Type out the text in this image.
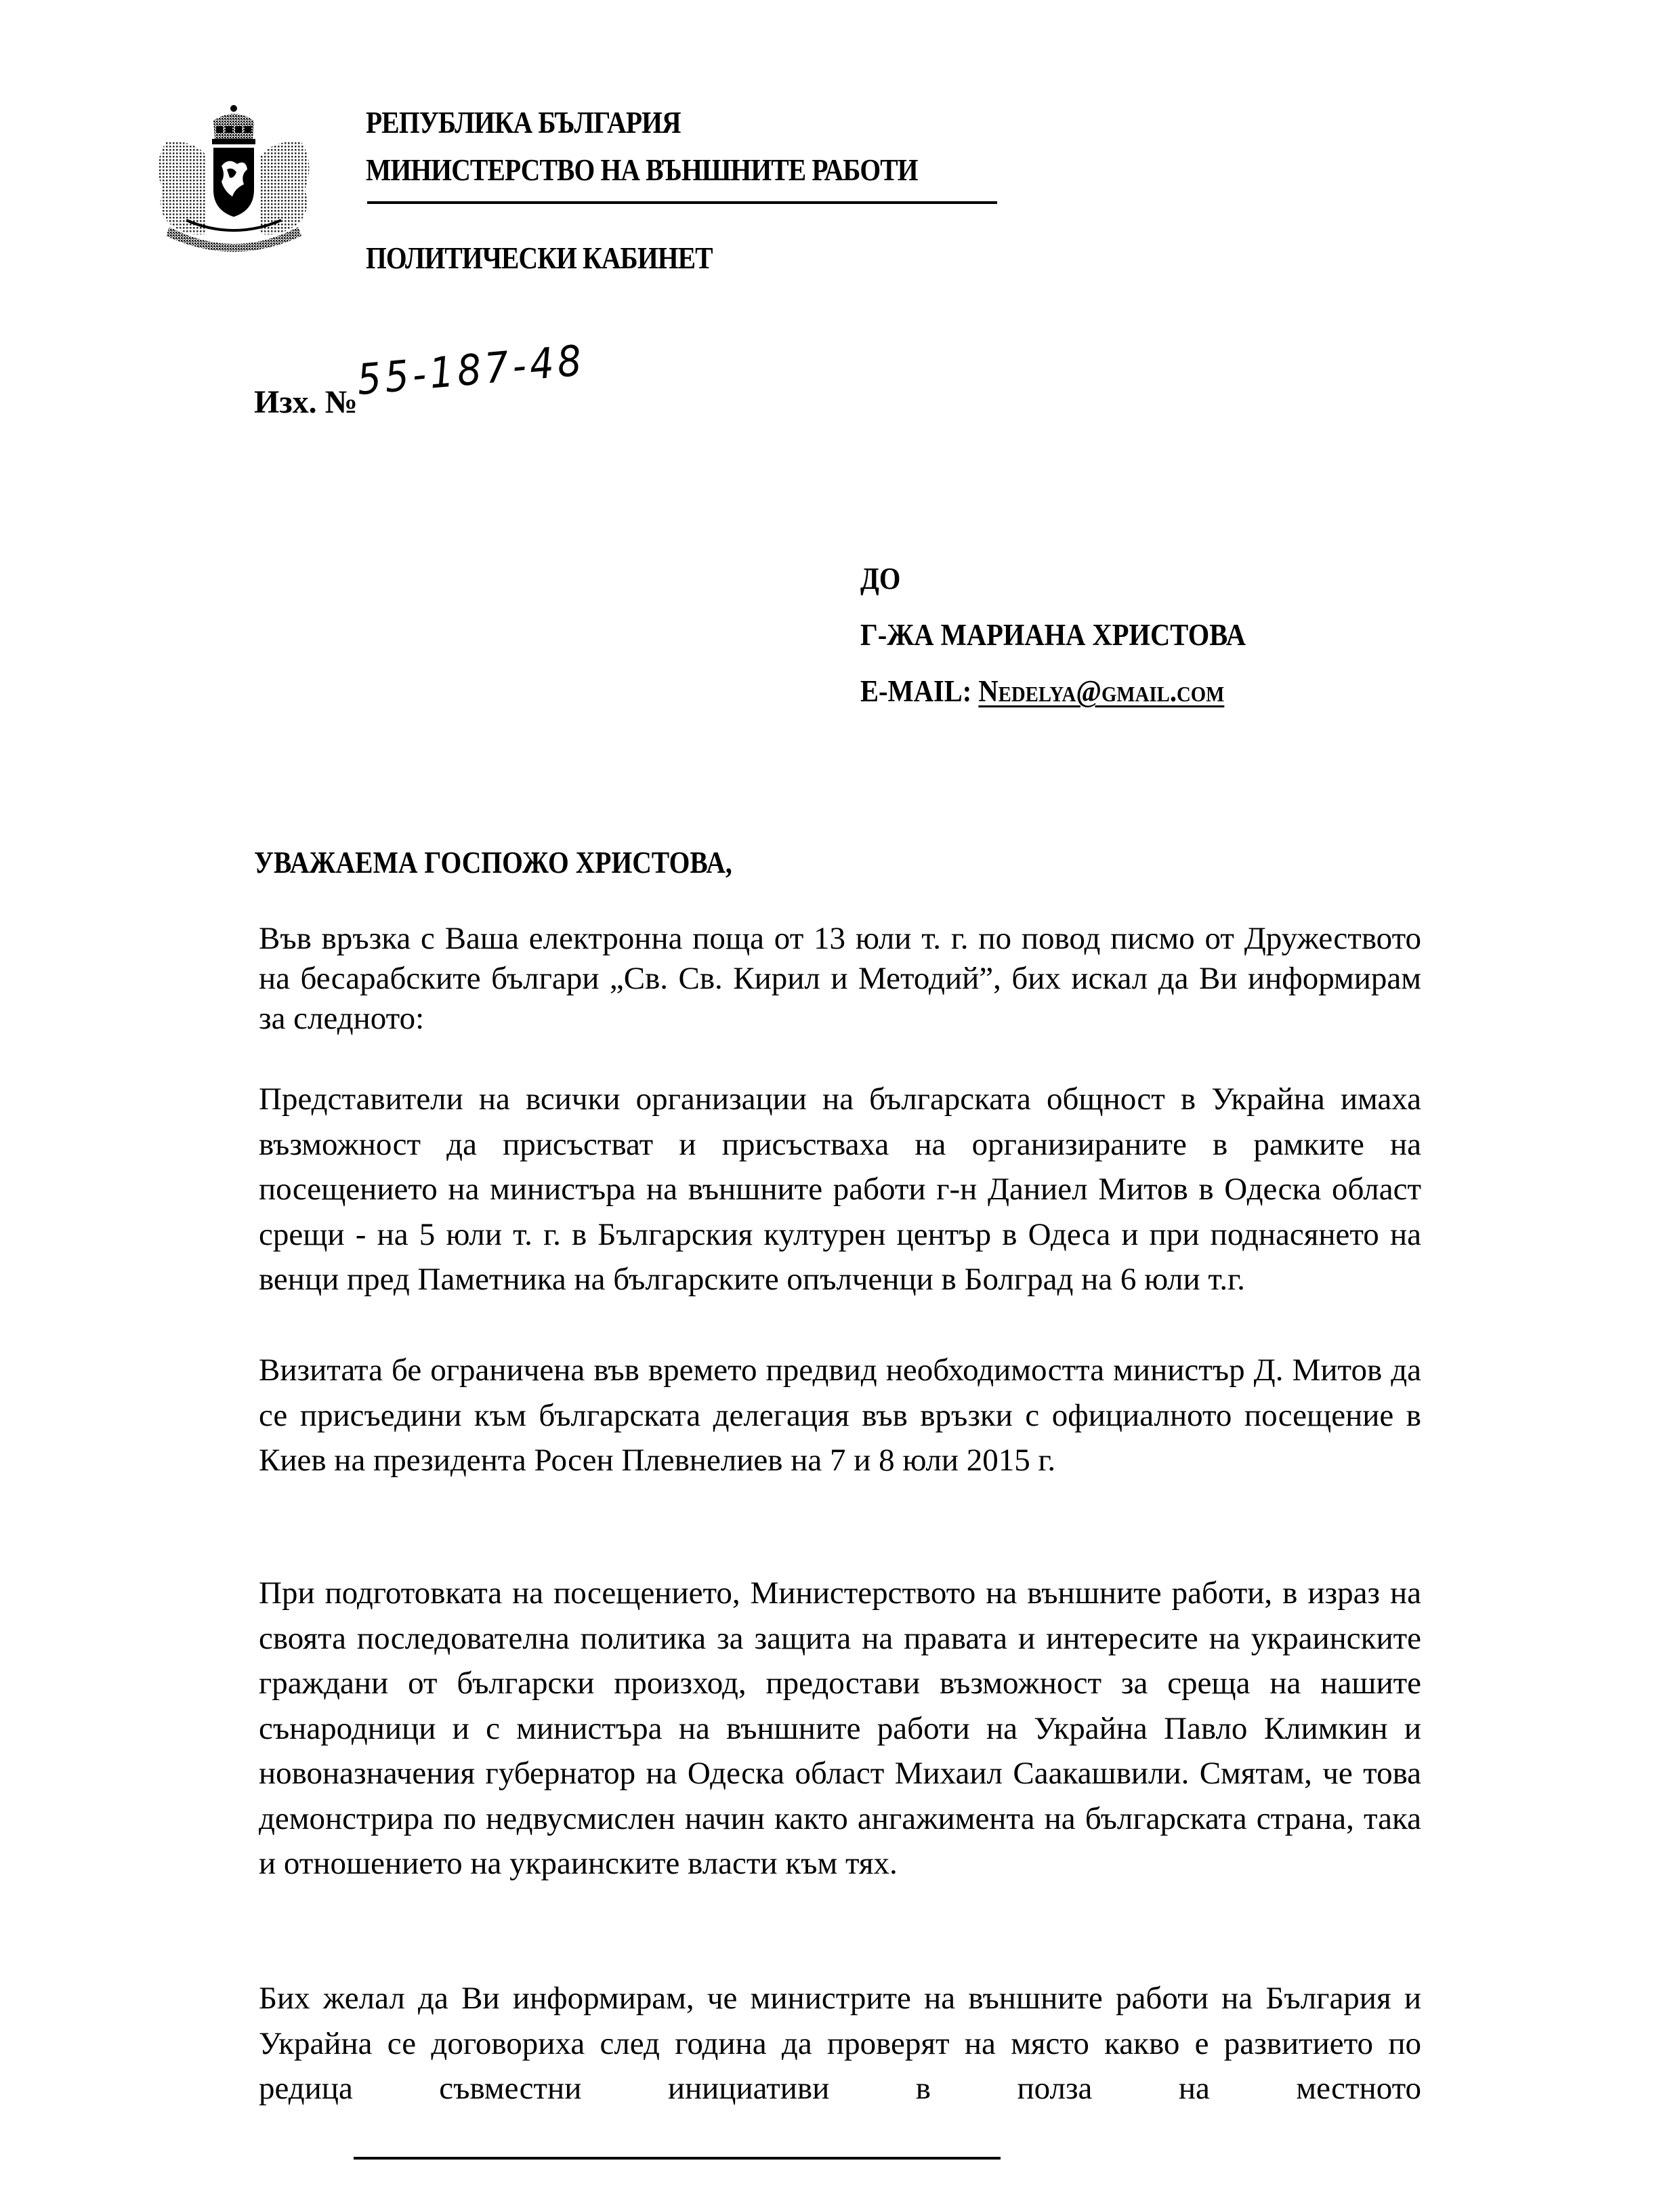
РЕПУБЛИКА БЪЛГАРИЯ
МИНИСТЕРСТВО НА ВЪНШНИТЕ РАБОТИ
ПОЛИТИЧЕСКИ КАБИНЕТ
Изх. №
55-187-48
ДО
Г-ЖА МАРИАНА ХРИСТОВА
E-MAIL: Nedelya@gmail.com
УВАЖАЕМА ГОСПОЖО ХРИСТОВА,

Във връзка с Ваша електронна поща от 13 юли т. г. по повод писмо от Дружеството на бесарабските българи „Св. Св. Кирил и Методий”, бих искал да Ви информирам за следното:

Представители на всички организации на българската общност в Украйна имаха възможност да присъстват и присъстваха на организираните в рамките на посещението на министъра на външните работи г-н Даниел Митов в Одеска област срещи - на 5 юли т. г. в Българския културен център в Одеса и при поднасянето на венци пред Паметника на българските опълченци в Болград на 6 юли т.г.

Визитата бе ограничена във времето предвид необходимостта министър Д. Митов да се присъедини към българската делегация във връзки с официалното посещение в Киев на президента Росен Плевнелиев на 7 и 8 юли 2015 г.

При подготовката на посещението, Министерството на външните работи, в израз на своята последователна политика за защита на правата и интересите на украинските граждани от български произход, предостави възможност за среща на нашите сънародници и с министъра на външните работи на Украйна Павло Климкин и новоназначения губернатор на Одеска област Михаил Саакашвили. Смятам, че това демонстрира по недвусмислен начин както ангажимента на българската страна, така и отношението на украинските власти към тях.

Бих желал да Ви информирам, че министрите на външните работи на България и Украйна се договориха след година да проверят на място какво е развитието по редица съвместни инициативи в полза на местното
